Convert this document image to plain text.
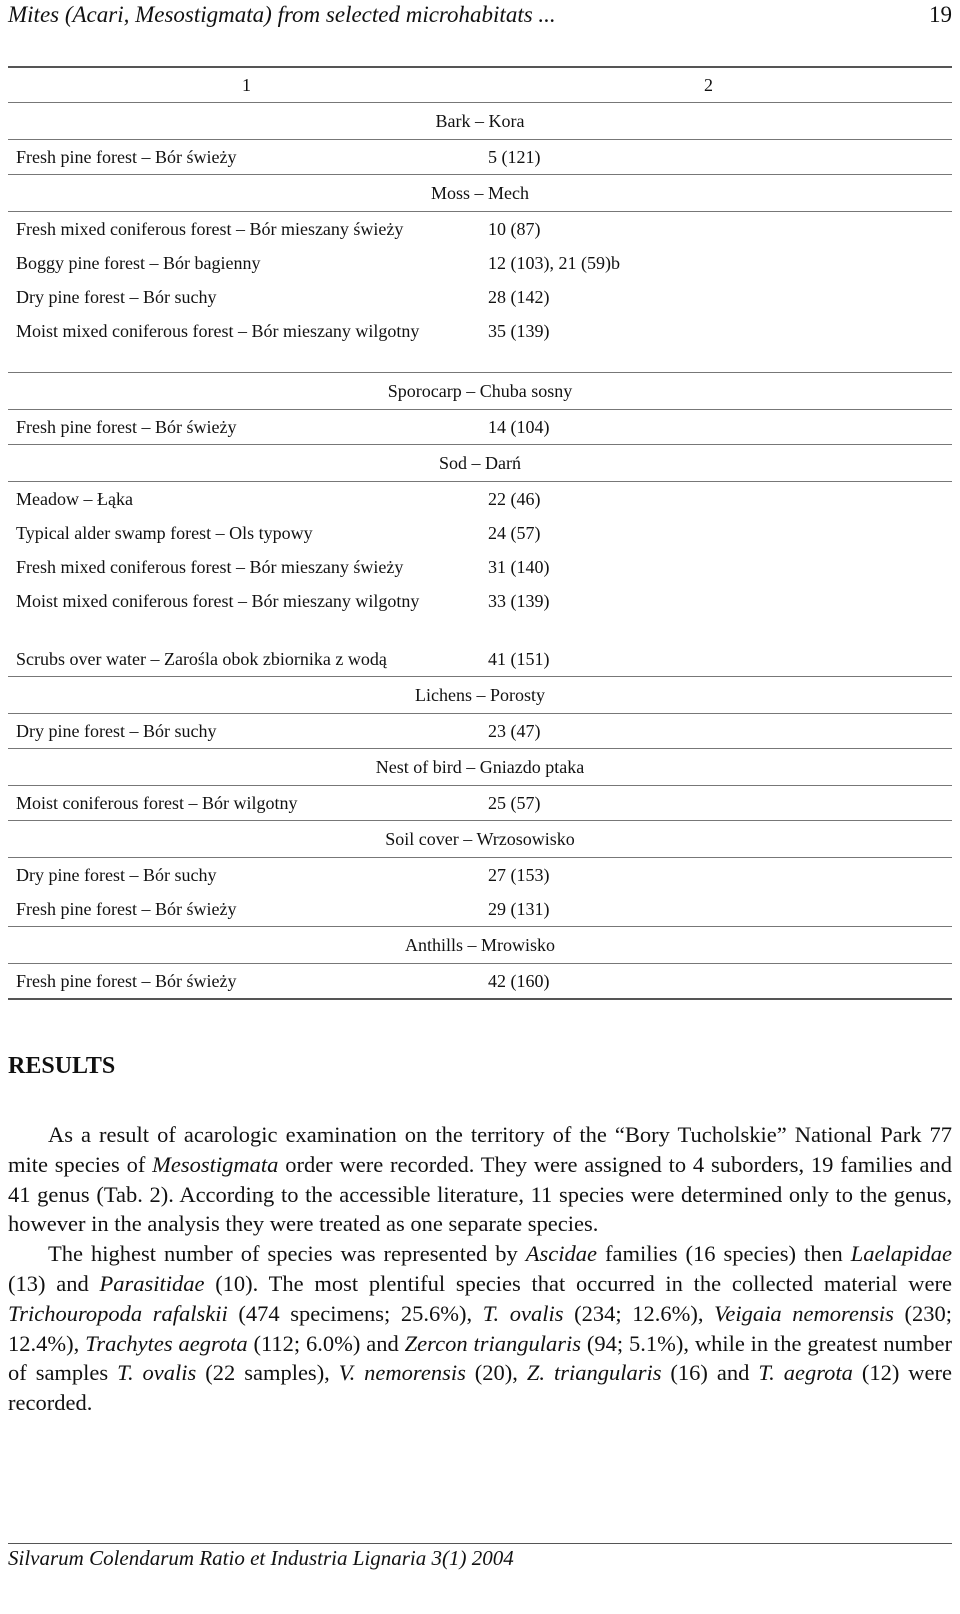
Mites (Acari, Mesostigmata) from selected microhabitats ...	19
1	2
Bark – Kora
Fresh pine forest – Bór świeży	5 (121)
Moss – Mech
Fresh mixed coniferous forest – Bór mieszany świeży	10 (87)
Boggy pine forest – Bór bagienny	12 (103), 21 (59)b
Dry pine forest – Bór suchy	28 (142)
Moist mixed coniferous forest – Bór mieszany wilgotny	35 (139)
Sporocarp – Chuba sosny
Fresh pine forest – Bór świeży	14 (104)
Sod – Darń
Meadow – Łąka	22 (46)
Typical alder swamp forest – Ols typowy	24 (57)
Fresh mixed coniferous forest – Bór mieszany świeży	31 (140)
Moist mixed coniferous forest – Bór mieszany wilgotny	33 (139)
Scrubs over water – Zarośla obok zbiornika z wodą	41 (151)
Lichens – Porosty
Dry pine forest – Bór suchy	23 (47)
Nest of bird – Gniazdo ptaka
Moist coniferous forest – Bór wilgotny	25 (57)
Soil cover – Wrzosowisko
Dry pine forest – Bór suchy	27 (153)
Fresh pine forest – Bór świeży	29 (131)
Anthills – Mrowisko
Fresh pine forest – Bór świeży	42 (160)
RESULTS

As a result of acarologic examination on the territory of the “Bory Tucholskie” National Park 77 mite species of Mesostigmata order were recorded. They were assigned to 4 suborders, 19 families and 41 genus (Tab. 2). According to the accessible literature, 11 species were determined only to the genus, however in the analysis they were treated as one separate species.

The highest number of species was represented by Ascidae families (16 species) then Laelapidae (13) and Parasitidae (10). The most plentiful species that occurred in the collected material were Trichouropoda rafalskii (474 specimens; 25.6%), T. ovalis (234; 12.6%), Veigaia nemorensis (230; 12.4%), Trachytes aegrota (112; 6.0%) and Zercon triangularis (94; 5.1%), while in the greatest number of samples T. ovalis (22 samples), V. nemorensis (20), Z. triangularis (16) and T. aegrota (12) were recorded.

Silvarum Colendarum Ratio et Industria Lignaria 3(1) 2004
